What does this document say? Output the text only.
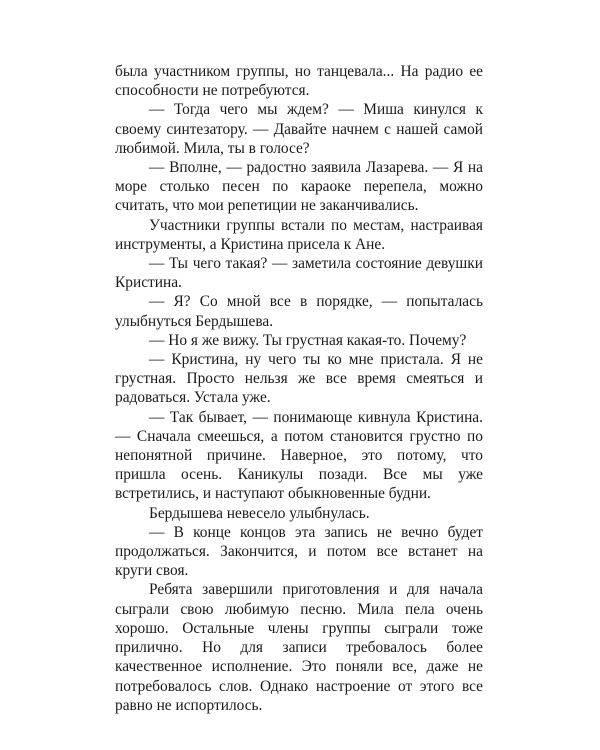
была участником группы, но танцевала... На радио ее способности не потребуются.

— Тогда чего мы ждем? — Миша кинулся к своему синтезатору. — Давайте начнем с нашей самой любимой. Мила, ты в голосе?

— Вполне, — радостно заявила Лазарева. — Я на море столько песен по караоке перепела, можно считать, что мои репетиции не заканчивались.

Участники группы встали по местам, настраивая инструменты, а Кристина присела к Ане.

— Ты чего такая? — заметила состояние девушки Кристина.

— Я? Со мной все в порядке, — попыталась улыбнуться Бердышева.

— Но я же вижу. Ты грустная какая-то. Почему?

— Кристина, ну чего ты ко мне пристала. Я не грустная. Просто нельзя же все время смеяться и радоваться. Устала уже.

— Так бывает, — понимающе кивнула Кристина. — Сначала смеешься, а потом становится грустно по непонятной причине. Наверное, это потому, что пришла осень. Каникулы позади. Все мы уже встретились, и наступают обыкновенные будни.

Бердышева невесело улыбнулась.

— В конце концов эта запись не вечно будет продолжаться. Закончится, и потом все встанет на круги своя.

Ребята завершили приготовления и для начала сыграли свою любимую песню. Мила пела очень хорошо. Остальные члены группы сыграли тоже прилично. Но для записи требовалось более качественное исполнение. Это поняли все, даже не потребовалось слов. Однако настроение от этого все равно не испортилось.
